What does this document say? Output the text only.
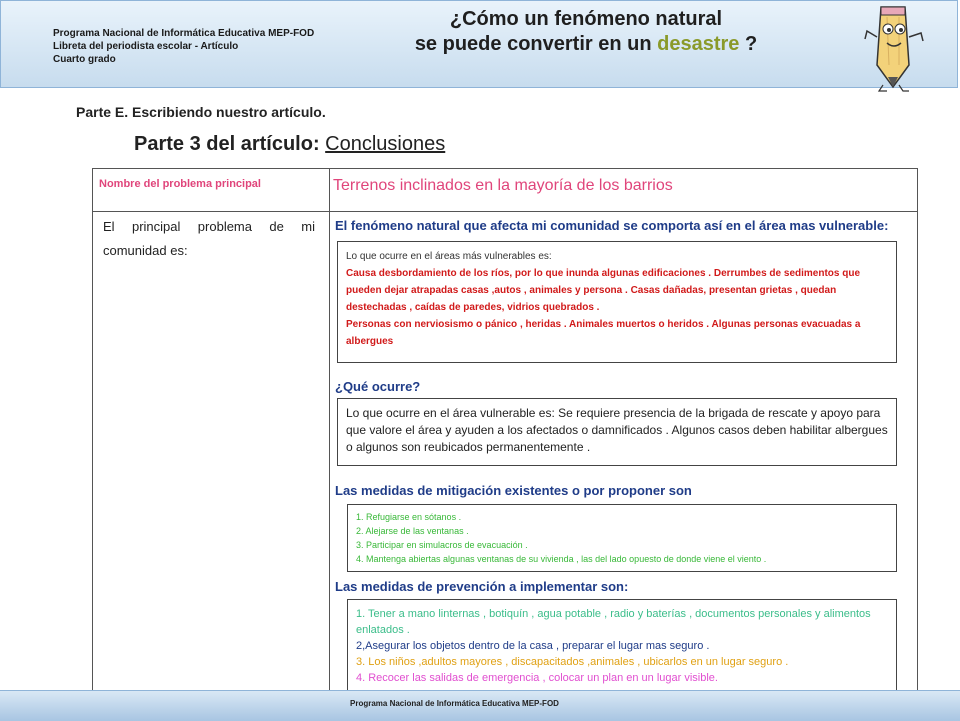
Programa Nacional de Informática Educativa MEP-FOD
Libreta del periodista escolar - Artículo
Cuarto grado
¿Cómo un fenómeno natural
se puede convertir en un desastre ?
Parte E. Escribiendo nuestro artículo.
Parte 3 del artículo: Conclusiones
Nombre del problema principal	Terrenos inclinados en la mayoría de los barrios
El principal problema de mi comunidad es:
El fenómeno natural que afecta mi comunidad se comporta así en el área mas vulnerable:
Lo que ocurre en el áreas más vulnerables es:
Causa desbordamiento de los ríos, por lo que inunda algunas edificaciones . Derrumbes de sedimentos que pueden dejar atrapadas casas ,autos , animales y persona . Casas dañadas, presentan grietas , quedan destechadas , caídas de paredes, vidrios quebrados .
Personas con nerviosismo o pánico , heridas . Animales muertos o heridos . Algunas personas evacuadas a albergues
¿Qué ocurre?
Lo que ocurre en el área vulnerable es: Se requiere presencia de la brigada de rescate y apoyo para que valore el área y ayuden a los afectados o damnificados . Algunos casos deben habilitar albergues o algunos son reubicados permanentemente .
Las medidas de mitigación existentes o por proponer son
1. Refugiarse en sótanos .
2. Alejarse de las ventanas .
3. Participar en simulacros de evacuación .
4. Mantenga abiertas algunas ventanas de su vivienda , las del lado opuesto de donde viene el viento .
Las medidas de prevención a implementar son:
1. Tener a mano linternas , botiquín , agua potable , radio y baterías , documentos personales y alimentos enlatados .
2,Asegurar los objetos dentro de la casa , preparar el lugar mas seguro .
3. Los niños ,adultos mayores , discapacitados ,animales , ubicarlos en un lugar seguro .
4. Recocer las salidas de emergencia , colocar un plan en un lugar visible.
Programa Nacional de Informática Educativa MEP-FOD
